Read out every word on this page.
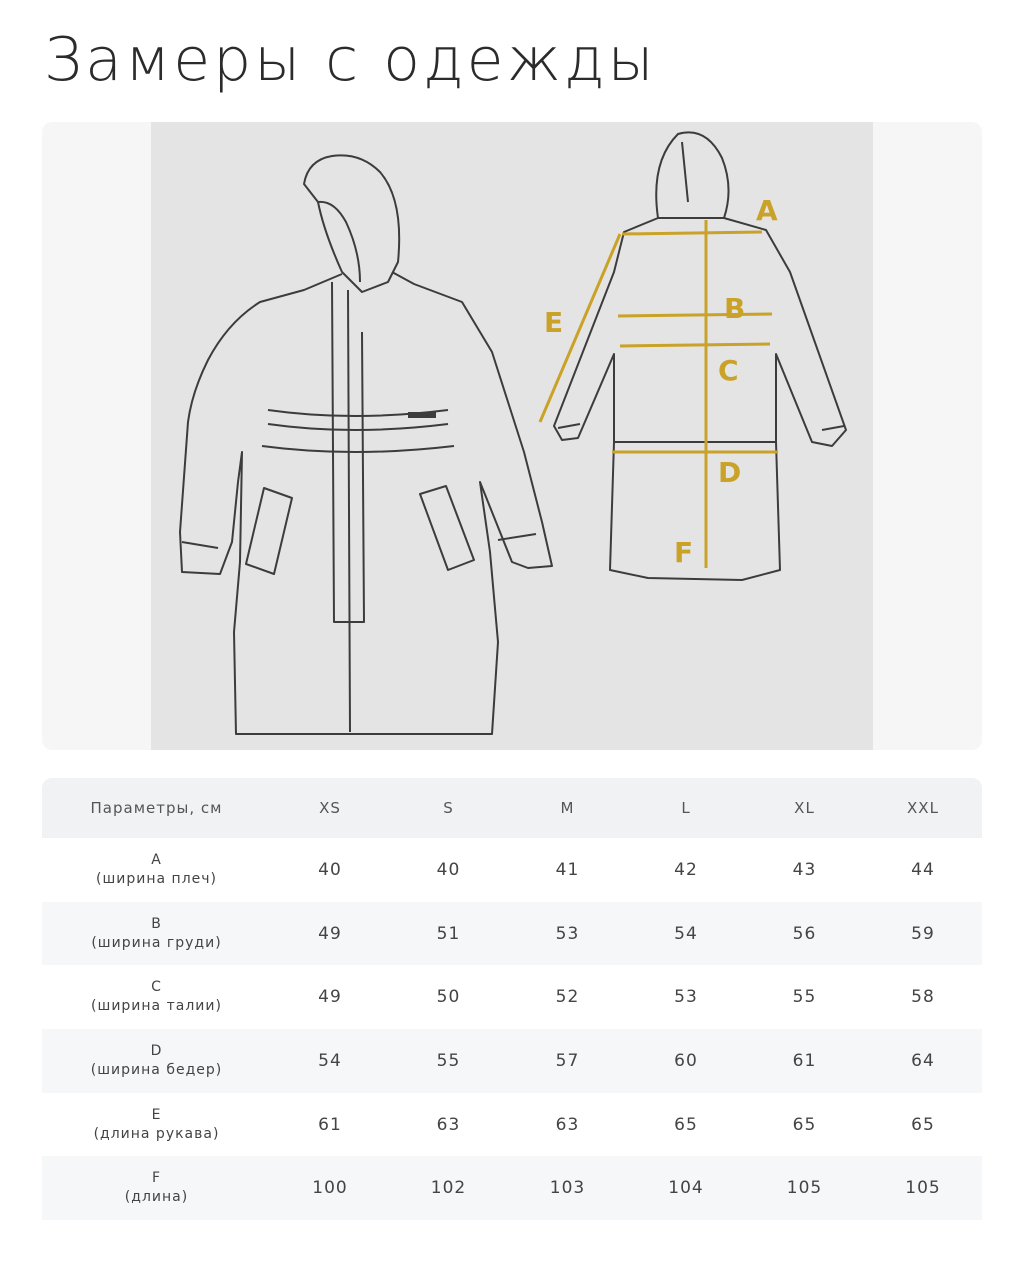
Замеры с одежды
A
B
C
D
E
F
Параметры, см	XS	S	M	L	XL	XXL

A
(ширина плеч)	40	40	41	42	43	44

B
(ширина груди)	49	51	53	54	56	59

C
(ширина талии)	49	50	52	53	55	58

D
(ширина бедер)	54	55	57	60	61	64

E
(длина рукава)	61	63	63	65	65	65

F
(длина)	100	102	103	104	105	105
